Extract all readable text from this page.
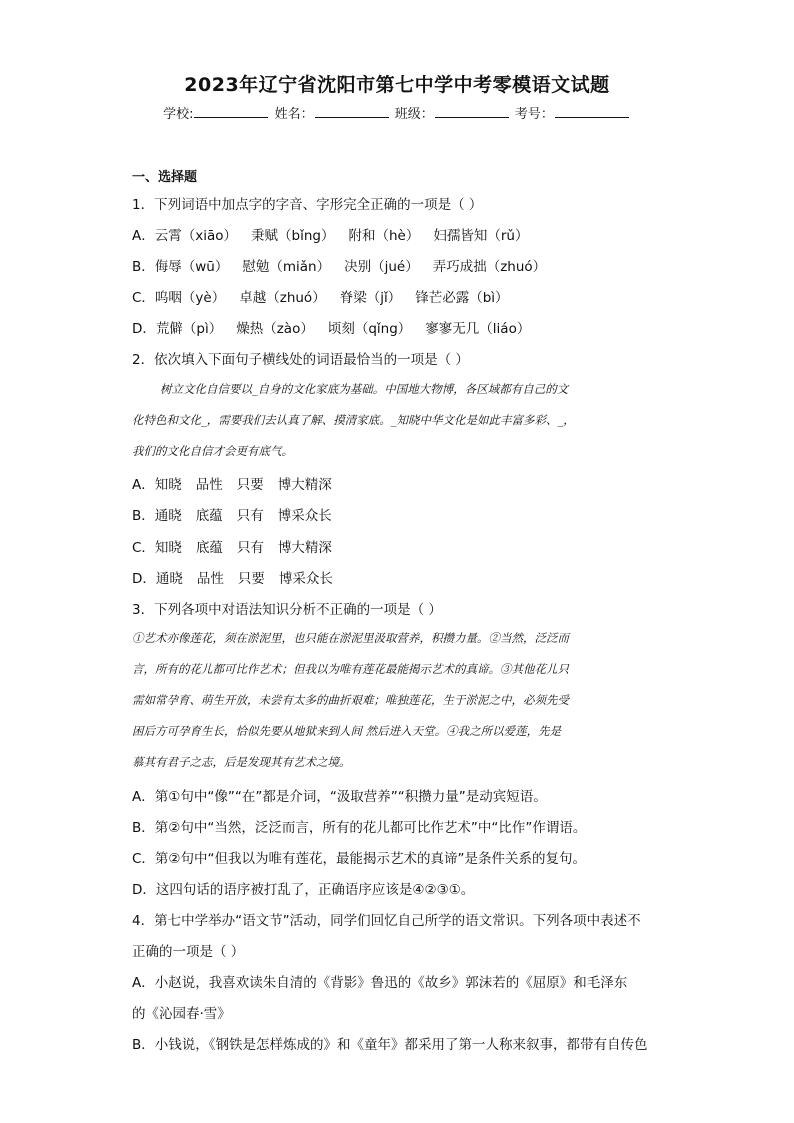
2023年辽宁省沈阳市第七中学中考零模语文试题
学校:	姓名：	班级：	考号：
一、选择题
1．下列词语中加点字的字音、字形完全正确的一项是（ ）
A．云霄（xiāo） 秉赋（bǐng） 附和（hè） 妇孺皆知（rǔ）
B．侮辱（wū） 慰勉（miǎn） 决别（jué） 弄巧成拙（zhuó）
C．呜咽（yè） 卓越（zhuó） 脊梁（jǐ） 锋芒必露（bì）
D．荒僻（pì） 燥热（zào） 顷刻（qǐng） 寥寥无几（liáo）
2．依次填入下面句子横线处的词语最恰当的一项是（ ）
树立文化自信要以_自身的文化家底为基础。中国地大物博，各区域都有自己的文
化特色和文化_，需要我们去认真了解、摸清家底。_知晓中华文化是如此丰富多彩、_，
我们的文化自信才会更有底气。
A．知晓 品性 只要 博大精深
B．通晓 底蕴 只有 博采众长
C．知晓 底蕴 只有 博大精深
D．通晓 品性 只要 博采众长
3．下列各项中对语法知识分析不正确的一项是（ ）
①艺术亦像莲花，须在淤泥里，也只能在淤泥里汲取营养，积攒力量。②当然，泛泛而
言，所有的花儿都可比作艺术；但我以为唯有莲花最能揭示艺术的真谛。③其他花儿只
需如常孕育、萌生开放，未尝有太多的曲折艰难；唯独莲花，生于淤泥之中，必须先受
困后方可孕育生长，恰似先要从地狱来到人间 然后进入天堂。④我之所以爱莲，先是
慕其有君子之志，后是发现其有艺术之境。
A．第①句中“像”“在”都是介词，“汲取营养”“积攒力量”是动宾短语。
B．第②句中“当然，泛泛而言，所有的花儿都可比作艺术”中“比作”作谓语。
C．第②句中“但我以为唯有莲花，最能揭示艺术的真谛”是条件关系的复句。
D．这四句话的语序被打乱了，正确语序应该是④②③①。
4．第七中学举办“语文节”活动，同学们回忆自己所学的语文常识。下列各项中表述不
正确的一项是（ ）
A．小赵说，我喜欢读朱自清的《背影》鲁迅的《故乡》郭沫若的《屈原》和毛泽东
的《沁园春·雪》
B．小钱说，《钢铁是怎样炼成的》和《童年》都采用了第一人称来叙事，都带有自传色
